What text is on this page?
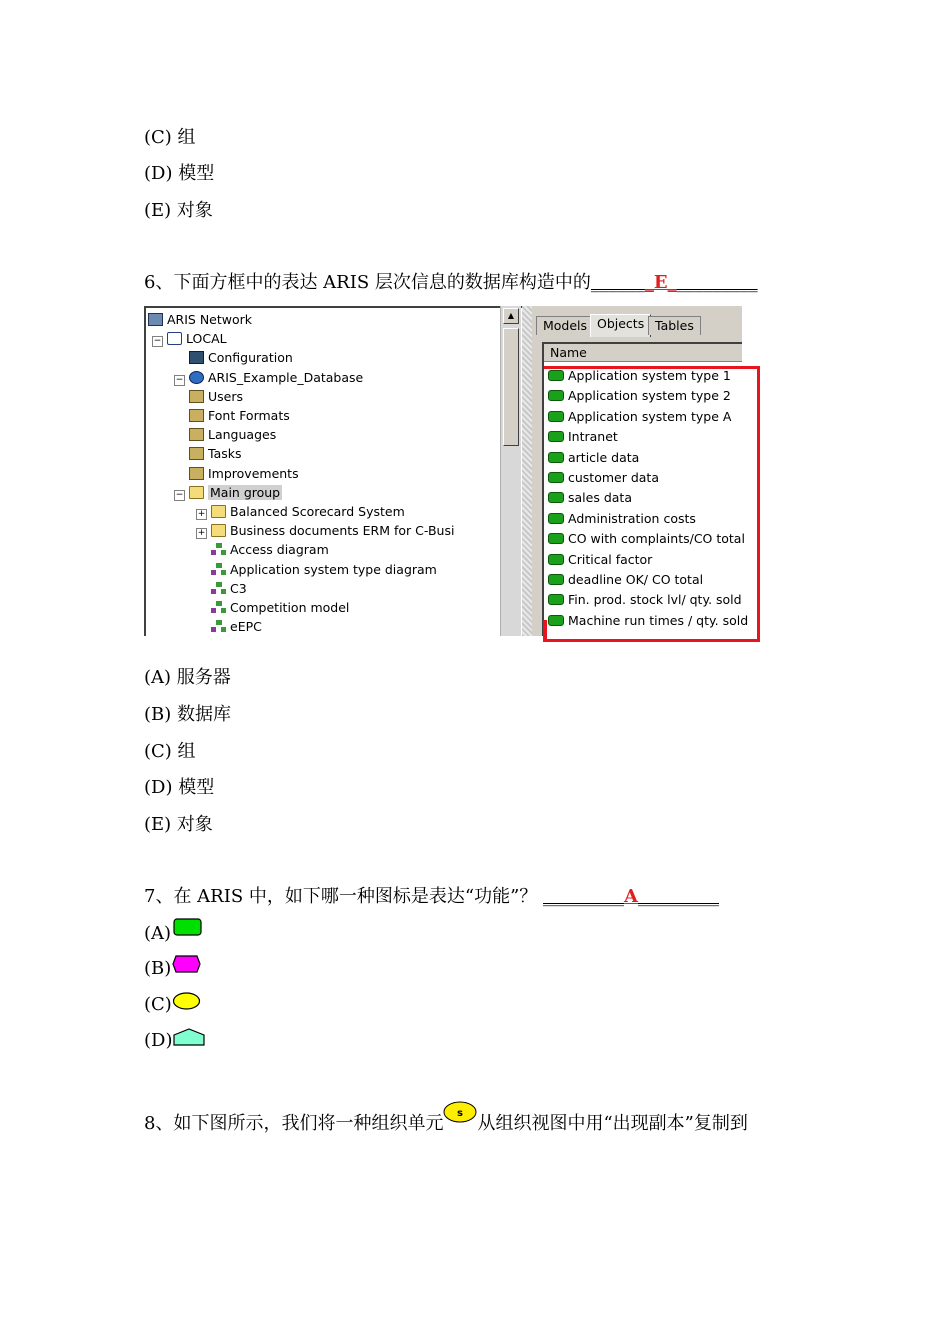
(C) 组
(D) 模型
(E) 对象
6、下面方框中的表达 ARIS 层次信息的数据库构造中的_______E__________
ARIS Network
− LOCAL
Configuration
− ARIS_Example_Database
Users
Font Formats
Languages
Tasks
Improvements
− Main group
+ Balanced Scorecard System
+ Business documents ERM for C-Busi
Access diagram
Application system type diagram
C3
Competition model
eEPC
▲
Models Objects Tables
Name
Application system type 1
Application system type 2
Application system type A
Intranet
article data
customer data
sales data
Administration costs
CO with complaints/CO total
Critical factor
deadline OK/ CO total
Fin. prod. stock lvl/ qty. sold
Machine run times / qty. sold
(A) 服务器
(B) 数据库
(C) 组
(D) 模型
(E) 对象
7、在 ARIS 中，如下哪一种图标是表达“功能”？ _________A_________
(A)
(B)
(C)
(D)
8、如下图所示，我们将一种组织单元 s 从组织视图中用“出现副本”复制到
